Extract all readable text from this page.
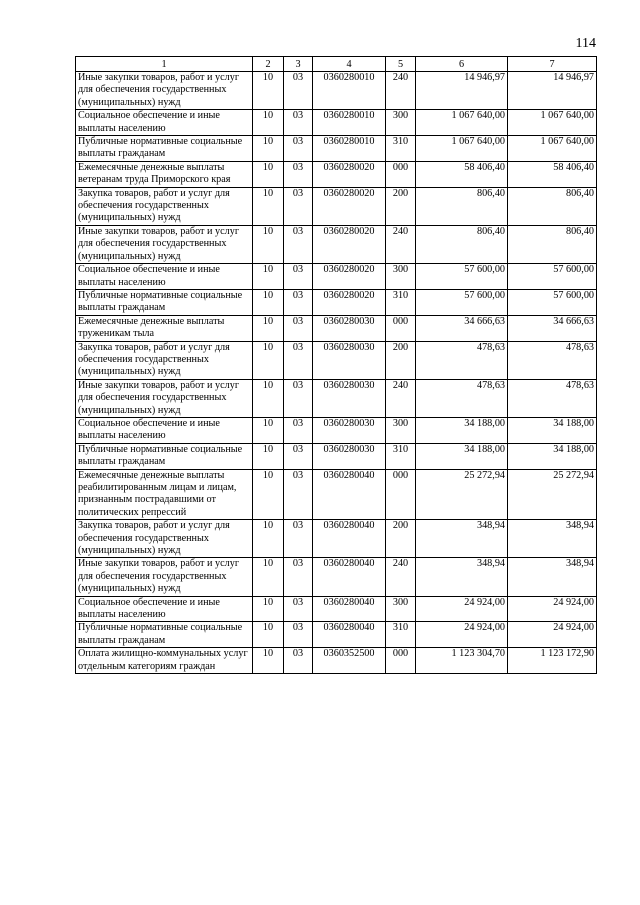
114
1	2	3	4	5	6	7
Иные закупки товаров, работ и услуг для обеспечения государственных (муниципальных) нужд	10	03	0360280010	240	14 946,97	14 946,97
Социальное обеспечение и иные выплаты населению	10	03	0360280010	300	1 067 640,00	1 067 640,00
Публичные нормативные социальные выплаты гражданам	10	03	0360280010	310	1 067 640,00	1 067 640,00
Ежемесячные денежные выплаты ветеранам труда Приморского края	10	03	0360280020	000	58 406,40	58 406,40
Закупка товаров, работ и услуг для обеспечения государственных (муниципальных) нужд	10	03	0360280020	200	806,40	806,40
Иные закупки товаров, работ и услуг для обеспечения государственных (муниципальных) нужд	10	03	0360280020	240	806,40	806,40
Социальное обеспечение и иные выплаты населению	10	03	0360280020	300	57 600,00	57 600,00
Публичные нормативные социальные выплаты гражданам	10	03	0360280020	310	57 600,00	57 600,00
Ежемесячные денежные выплаты труженикам тыла	10	03	0360280030	000	34 666,63	34 666,63
Закупка товаров, работ и услуг для обеспечения государственных (муниципальных) нужд	10	03	0360280030	200	478,63	478,63
Иные закупки товаров, работ и услуг для обеспечения государственных (муниципальных) нужд	10	03	0360280030	240	478,63	478,63
Социальное обеспечение и иные выплаты населению	10	03	0360280030	300	34 188,00	34 188,00
Публичные нормативные социальные выплаты гражданам	10	03	0360280030	310	34 188,00	34 188,00
Ежемесячные денежные выплаты реабилитированным лицам и лицам, признанным пострадавшими от политических репрессий	10	03	0360280040	000	25 272,94	25 272,94
Закупка товаров, работ и услуг для обеспечения государственных (муниципальных) нужд	10	03	0360280040	200	348,94	348,94
Иные закупки товаров, работ и услуг для обеспечения государственных (муниципальных) нужд	10	03	0360280040	240	348,94	348,94
Социальное обеспечение и иные выплаты населению	10	03	0360280040	300	24 924,00	24 924,00
Публичные нормативные социальные выплаты гражданам	10	03	0360280040	310	24 924,00	24 924,00
Оплата жилищно-коммунальных услуг отдельным категориям граждан	10	03	0360352500	000	1 123 304,70	1 123 172,90
